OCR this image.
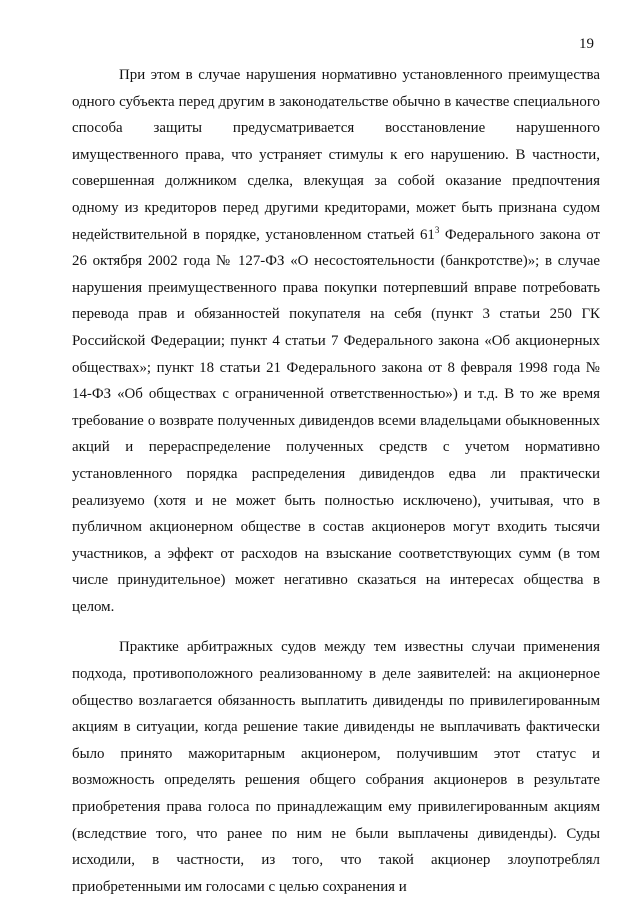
19

При этом в случае нарушения нормативно установленного преимущества одного субъекта перед другим в законодательстве обычно в качестве специального способа защиты предусматривается восстановление нарушенного имущественного права, что устраняет стимулы к его нарушению. В частности, совершенная должником сделка, влекущая за собой оказание предпочтения одному из кредиторов перед другими кредиторами, может быть признана судом недействительной в порядке, установленном статьей $61^3$ Федерального закона от 26 октября 2002 года № 127-ФЗ «О несостоятельности (банкротстве)»; в случае нарушения преимущественного права покупки потерпевший вправе потребовать перевода прав и обязанностей покупателя на себя (пункт 3 статьи 250 ГК Российской Федерации; пункт 4 статьи 7 Федерального закона «Об акционерных обществах»; пункт 18 статьи 21 Федерального закона от 8 февраля 1998 года № 14-ФЗ «Об обществах с ограниченной ответственностью») и т.д. В то же время требование о возврате полученных дивидендов всеми владельцами обыкновенных акций и перераспределение полученных средств с учетом нормативно установленного порядка распределения дивидендов едва ли практически реализуемо (хотя и не может быть полностью исключено), учитывая, что в публичном акционерном обществе в состав акционеров могут входить тысячи участников, а эффект от расходов на взыскание соответствующих сумм (в том числе принудительное) может негативно сказаться на интересах общества в целом.

Практике арбитражных судов между тем известны случаи применения подхода, противоположного реализованному в деле заявителей: на акционерное общество возлагается обязанность выплатить дивиденды по привилегированным акциям в ситуации, когда решение такие дивиденды не выплачивать фактически было принято мажоритарным акционером, получившим этот статус и возможность определять решения общего собрания акционеров в результате приобретения права голоса по принадлежащим ему привилегированным акциям (вследствие того, что ранее по ним не были выплачены дивиденды). Суды исходили, в частности, из того, что такой акционер злоупотреблял приобретенными им голосами с целью сохранения и
